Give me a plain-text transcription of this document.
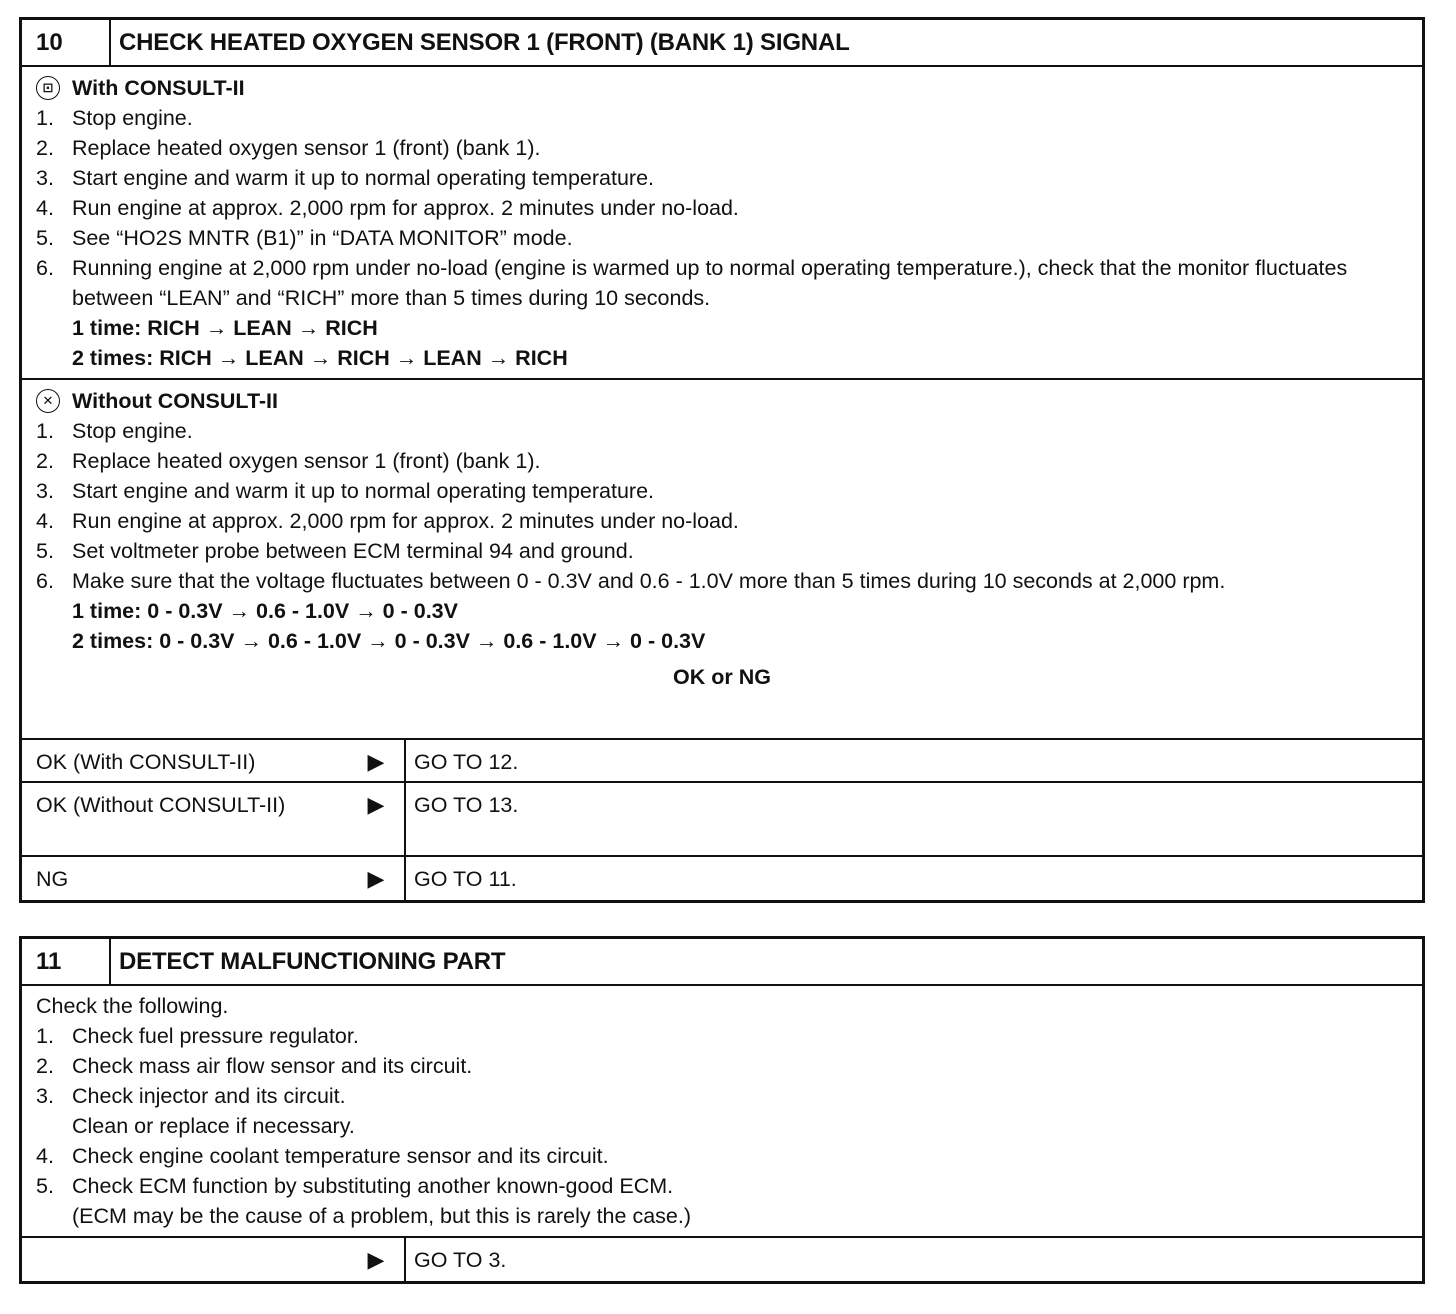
10	CHECK HEATED OXYGEN SENSOR 1 (FRONT) (BANK 1) SIGNAL
⊡ With CONSULT-II
1. Stop engine.
2. Replace heated oxygen sensor 1 (front) (bank 1).
3. Start engine and warm it up to normal operating temperature.
4. Run engine at approx. 2,000 rpm for approx. 2 minutes under no-load.
5. See “HO2S MNTR (B1)” in “DATA MONITOR” mode.
6. Running engine at 2,000 rpm under no-load (engine is warmed up to normal operating temperature.), check that the monitor fluctuates between “LEAN” and “RICH” more than 5 times during 10 seconds.
1 time: RICH → LEAN → RICH
2 times: RICH → LEAN → RICH → LEAN → RICH
✕ Without CONSULT-II
1. Stop engine.
2. Replace heated oxygen sensor 1 (front) (bank 1).
3. Start engine and warm it up to normal operating temperature.
4. Run engine at approx. 2,000 rpm for approx. 2 minutes under no-load.
5. Set voltmeter probe between ECM terminal 94 and ground.
6. Make sure that the voltage fluctuates between 0 - 0.3V and 0.6 - 1.0V more than 5 times during 10 seconds at 2,000 rpm.
1 time: 0 - 0.3V → 0.6 - 1.0V → 0 - 0.3V
2 times: 0 - 0.3V → 0.6 - 1.0V → 0 - 0.3V → 0.6 - 1.0V → 0 - 0.3V
OK or NG
OK (With CONSULT-II)	▶	GO TO 12.
OK (Without CONSULT-II)	▶	GO TO 13.
NG	▶	GO TO 11.
11	DETECT MALFUNCTIONING PART
Check the following.
1. Check fuel pressure regulator.
2. Check mass air flow sensor and its circuit.
3. Check injector and its circuit.
Clean or replace if necessary.
4. Check engine coolant temperature sensor and its circuit.
5. Check ECM function by substituting another known-good ECM.
(ECM may be the cause of a problem, but this is rarely the case.)
▶	GO TO 3.
